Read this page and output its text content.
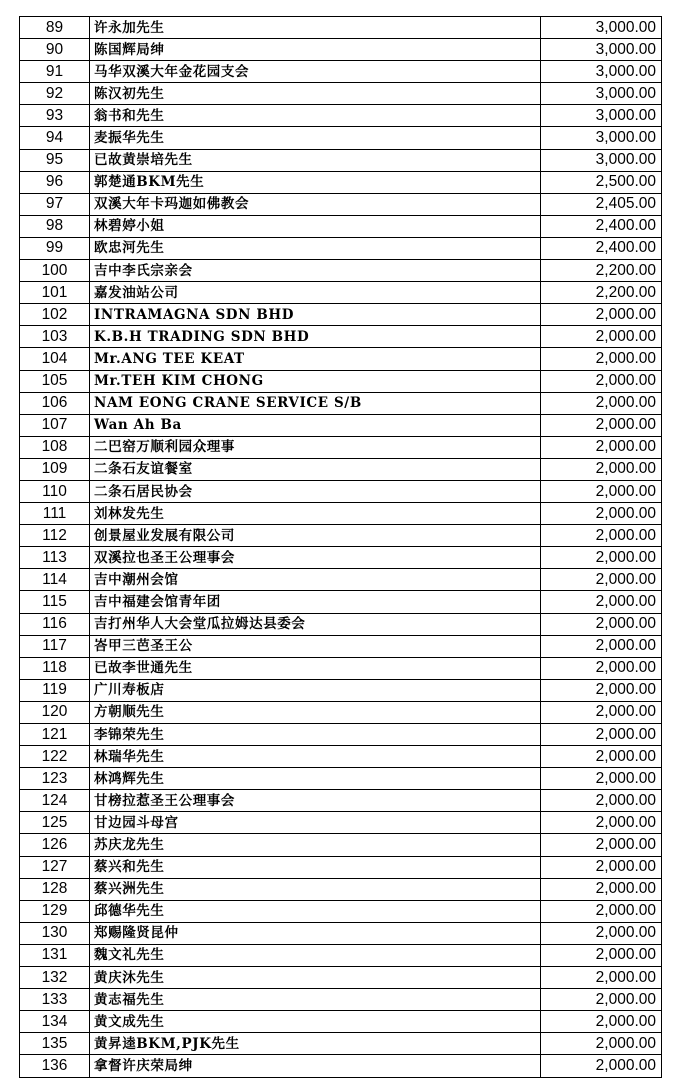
89	许永加先生	3,000.00
90	陈国辉局绅	3,000.00
91	马华双溪大年金花园支会	3,000.00
92	陈汉初先生	3,000.00
93	翁书和先生	3,000.00
94	麦振华先生	3,000.00
95	已故黄崇培先生	3,000.00
96	郭楚通BKM先生	2,500.00
97	双溪大年卡玛迦如佛教会	2,405.00
98	林碧婷小姐	2,400.00
99	欧忠河先生	2,400.00
100	吉中李氏宗亲会	2,200.00
101	嘉发油站公司	2,200.00
102	INTRAMAGNA SDN BHD	2,000.00
103	K.B.H TRADING SDN BHD	2,000.00
104	Mr.ANG TEE KEAT	2,000.00
105	Mr.TEH KIM CHONG	2,000.00
106	NAM EONG CRANE SERVICE S/B	2,000.00
107	Wan Ah Ba	2,000.00
108	二巴窑万顺利园众理事	2,000.00
109	二条石友谊餐室	2,000.00
110	二条石居民协会	2,000.00
111	刘林发先生	2,000.00
112	创景屋业发展有限公司	2,000.00
113	双溪拉也圣王公理事会	2,000.00
114	吉中潮州会馆	2,000.00
115	吉中福建会馆青年团	2,000.00
116	吉打州华人大会堂瓜拉姆达县委会	2,000.00
117	峇甲三芭圣王公	2,000.00
118	已故李世通先生	2,000.00
119	广川寿板店	2,000.00
120	方朝顺先生	2,000.00
121	李锦荣先生	2,000.00
122	林瑞华先生	2,000.00
123	林鸿辉先生	2,000.00
124	甘榜拉惹圣王公理事会	2,000.00
125	甘边园斗母宫	2,000.00
126	苏庆龙先生	2,000.00
127	蔡兴和先生	2,000.00
128	蔡兴洲先生	2,000.00
129	邱德华先生	2,000.00
130	郑赐隆贤昆仲	2,000.00
131	魏文礼先生	2,000.00
132	黄庆沐先生	2,000.00
133	黄志福先生	2,000.00
134	黄文成先生	2,000.00
135	黄昇逵BKM,PJK先生	2,000.00
136	拿督许庆荣局绅	2,000.00
